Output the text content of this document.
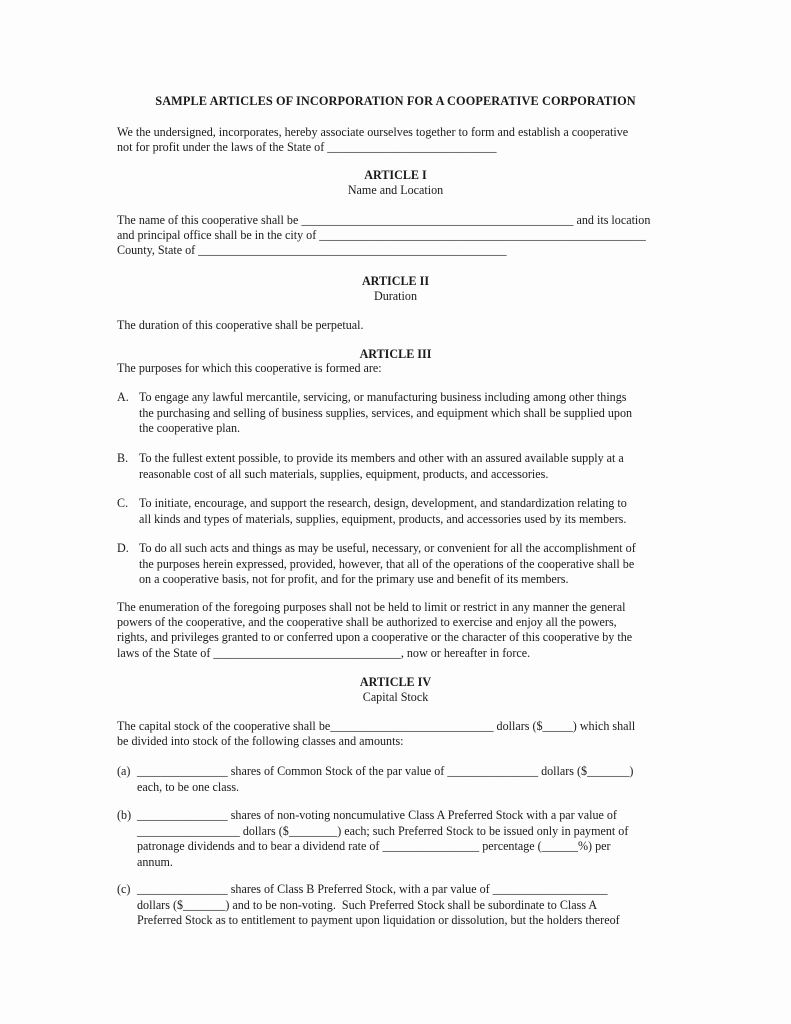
SAMPLE ARTICLES OF INCORPORATION FOR A COOPERATIVE CORPORATION
We the undersigned, incorporates, hereby associate ourselves together to form and establish a cooperative
not for profit under the laws of the State of ____________________________
ARTICLE I
Name and Location
The name of this cooperative shall be _____________________________________________ and its location
and principal office shall be in the city of ______________________________________________________
County, State of ___________________________________________________
ARTICLE II
Duration
The duration of this cooperative shall be perpetual.
ARTICLE III
The purposes for which this cooperative is formed are:
A. To engage any lawful mercantile, servicing, or manufacturing business including among other things
the purchasing and selling of business supplies, services, and equipment which shall be supplied upon
the cooperative plan.
B. To the fullest extent possible, to provide its members and other with an assured available supply at a
reasonable cost of all such materials, supplies, equipment, products, and accessories.
C. To initiate, encourage, and support the research, design, development, and standardization relating to
all kinds and types of materials, supplies, equipment, products, and accessories used by its members.
D. To do all such acts and things as may be useful, necessary, or convenient for all the accomplishment of
the purposes herein expressed, provided, however, that all of the operations of the cooperative shall be
on a cooperative basis, not for profit, and for the primary use and benefit of its members.
The enumeration of the foregoing purposes shall not be held to limit or restrict in any manner the general
powers of the cooperative, and the cooperative shall be authorized to exercise and enjoy all the powers,
rights, and privileges granted to or conferred upon a cooperative or the character of this cooperative by the
laws of the State of _______________________________, now or hereafter in force.
ARTICLE IV
Capital Stock
The capital stock of the cooperative shall be___________________________ dollars ($_____) which shall
be divided into stock of the following classes and amounts:
(a) _______________ shares of Common Stock of the par value of _______________ dollars ($_______)
each, to be one class.
(b) _______________ shares of non-voting noncumulative Class A Preferred Stock with a par value of
_________________ dollars ($________) each; such Preferred Stock to be issued only in payment of
patronage dividends and to bear a dividend rate of ________________ percentage (______%) per
annum.
(c) _______________ shares of Class B Preferred Stock, with a par value of ___________________
dollars ($_______) and to be non-voting.  Such Preferred Stock shall be subordinate to Class A
Preferred Stock as to entitlement to payment upon liquidation or dissolution, but the holders thereof
